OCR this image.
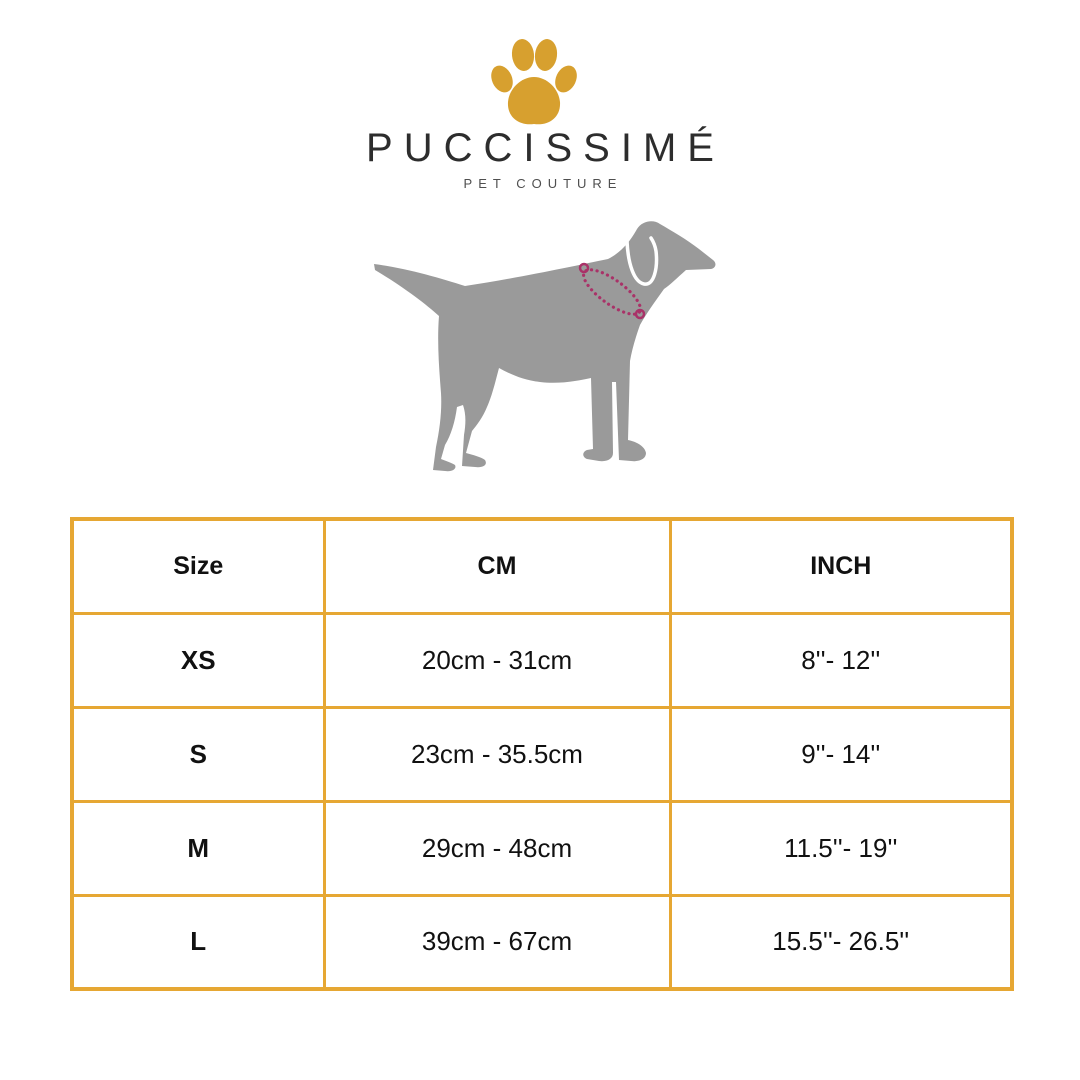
PUCCISSIMÉ
PET COUTURE
Size	CM	INCH
XS	20cm - 31cm	8''- 12''
S	23cm - 35.5cm	9''- 14''
M	29cm - 48cm	11.5''- 19''
L	39cm - 67cm	15.5''- 26.5''
